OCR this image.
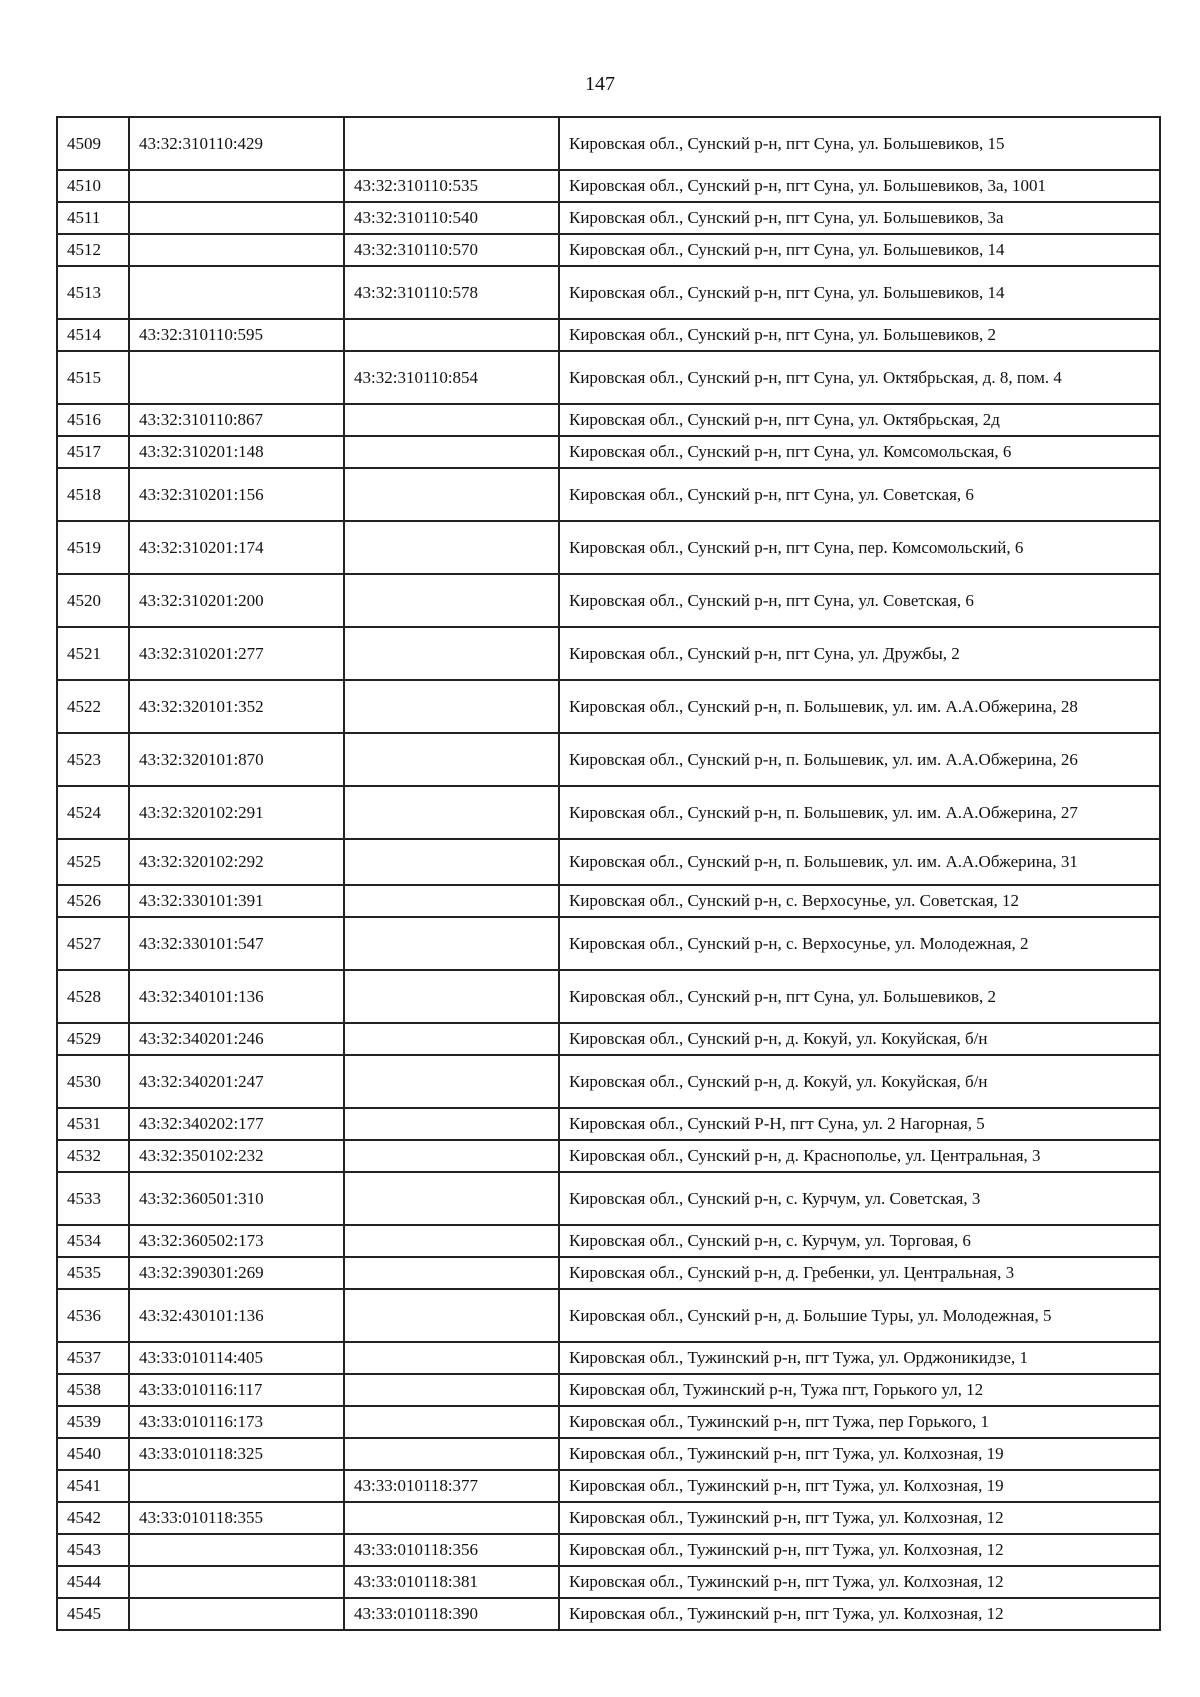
147
4509	43:32:310110:429		Кировская обл., Сунский р-н, пгт Суна, ул. Большевиков, 15
4510		43:32:310110:535	Кировская обл., Сунский р-н, пгт Суна, ул. Большевиков, 3а, 1001
4511		43:32:310110:540	Кировская обл., Сунский р-н, пгт Суна, ул. Большевиков, 3а
4512		43:32:310110:570	Кировская обл., Сунский р-н, пгт Суна, ул. Большевиков, 14
4513		43:32:310110:578	Кировская обл., Сунский р-н, пгт Суна, ул. Большевиков, 14
4514	43:32:310110:595		Кировская обл., Сунский р-н, пгт Суна, ул. Большевиков, 2
4515		43:32:310110:854	Кировская обл., Сунский р-н, пгт Суна, ул. Октябрьская, д. 8, пом. 4
4516	43:32:310110:867		Кировская обл., Сунский р-н, пгт Суна, ул. Октябрьская, 2д
4517	43:32:310201:148		Кировская обл., Сунский р-н, пгт Суна, ул. Комсомольская, 6
4518	43:32:310201:156		Кировская обл., Сунский р-н, пгт Суна, ул. Советская, 6
4519	43:32:310201:174		Кировская обл., Сунский р-н, пгт Суна, пер. Комсомольский, 6
4520	43:32:310201:200		Кировская обл., Сунский р-н, пгт Суна, ул. Советская, 6
4521	43:32:310201:277		Кировская обл., Сунский р-н, пгт Суна, ул. Дружбы, 2
4522	43:32:320101:352		Кировская обл., Сунский р-н, п. Большевик, ул. им. А.А.Обжерина, 28
4523	43:32:320101:870		Кировская обл., Сунский р-н, п. Большевик, ул. им. А.А.Обжерина, 26
4524	43:32:320102:291		Кировская обл., Сунский р-н, п. Большевик, ул. им. А.А.Обжерина, 27
4525	43:32:320102:292		Кировская обл., Сунский р-н, п. Большевик, ул. им. А.А.Обжерина, 31
4526	43:32:330101:391		Кировская обл., Сунский р-н, с. Верхосунье, ул. Советская, 12
4527	43:32:330101:547		Кировская обл., Сунский р-н, с. Верхосунье, ул. Молодежная, 2
4528	43:32:340101:136		Кировская обл., Сунский р-н, пгт Суна, ул. Большевиков, 2
4529	43:32:340201:246		Кировская обл., Сунский р-н, д. Кокуй, ул. Кокуйская, б/н
4530	43:32:340201:247		Кировская обл., Сунский р-н, д. Кокуй, ул. Кокуйская, б/н
4531	43:32:340202:177		Кировская обл., Сунский Р-Н, пгт Суна, ул. 2 Нагорная, 5
4532	43:32:350102:232		Кировская обл., Сунский р-н, д. Краснополье, ул. Центральная, 3
4533	43:32:360501:310		Кировская обл., Сунский р-н, с. Курчум, ул. Советская, 3
4534	43:32:360502:173		Кировская обл., Сунский р-н, с. Курчум, ул. Торговая, 6
4535	43:32:390301:269		Кировская обл., Сунский р-н, д. Гребенки, ул. Центральная, 3
4536	43:32:430101:136		Кировская обл., Сунский р-н, д. Большие Туры, ул. Молодежная, 5
4537	43:33:010114:405		Кировская обл., Тужинский р-н, пгт Тужа, ул. Орджоникидзе, 1
4538	43:33:010116:117		Кировская обл, Тужинский р-н, Тужа пгт, Горького ул, 12
4539	43:33:010116:173		Кировская обл., Тужинский р-н, пгт Тужа, пер Горького, 1
4540	43:33:010118:325		Кировская обл., Тужинский р-н, пгт Тужа, ул. Колхозная, 19
4541		43:33:010118:377	Кировская обл., Тужинский р-н, пгт Тужа, ул. Колхозная, 19
4542	43:33:010118:355		Кировская обл., Тужинский р-н, пгт Тужа, ул. Колхозная, 12
4543		43:33:010118:356	Кировская обл., Тужинский р-н, пгт Тужа, ул. Колхозная, 12
4544		43:33:010118:381	Кировская обл., Тужинский р-н, пгт Тужа, ул. Колхозная, 12
4545		43:33:010118:390	Кировская обл., Тужинский р-н, пгт Тужа, ул. Колхозная, 12
